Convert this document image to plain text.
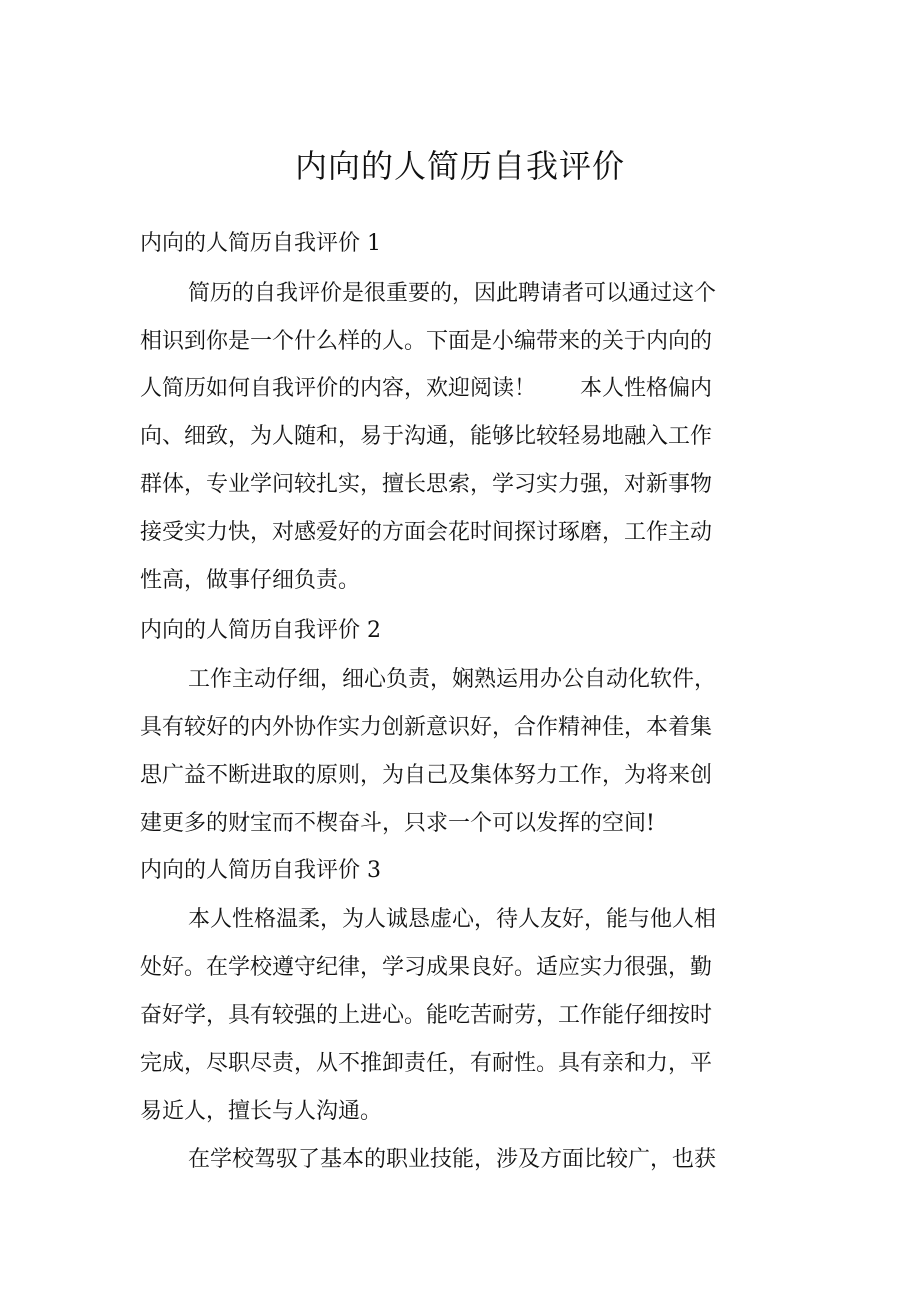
内向的人简历自我评价
内向的人简历自我评价 1

简历的自我评价是很重要的，因此聘请者可以通过这个

相识到你是一个什么样的人。下面是小编带来的关于内向的

人简历如何自我评价的内容，欢迎阅读！　　本人性格偏内

向、细致，为人随和，易于沟通，能够比较轻易地融入工作

群体，专业学问较扎实，擅长思索，学习实力强，对新事物

接受实力快，对感爱好的方面会花时间探讨琢磨，工作主动

性高，做事仔细负责。

内向的人简历自我评价 2

工作主动仔细，细心负责，娴熟运用办公自动化软件，

具有较好的内外协作实力创新意识好，合作精神佳，本着集

思广益不断进取的原则，为自己及集体努力工作，为将来创

建更多的财宝而不楔奋斗，只求一个可以发挥的空间!

内向的人简历自我评价 3

本人性格温柔，为人诚恳虚心，待人友好，能与他人相

处好。在学校遵守纪律，学习成果良好。适应实力很强，勤

奋好学，具有较强的上进心。能吃苦耐劳，工作能仔细按时

完成，尽职尽责，从不推卸责任，有耐性。具有亲和力，平

易近人，擅长与人沟通。

在学校驾驭了基本的职业技能，涉及方面比较广，也获
